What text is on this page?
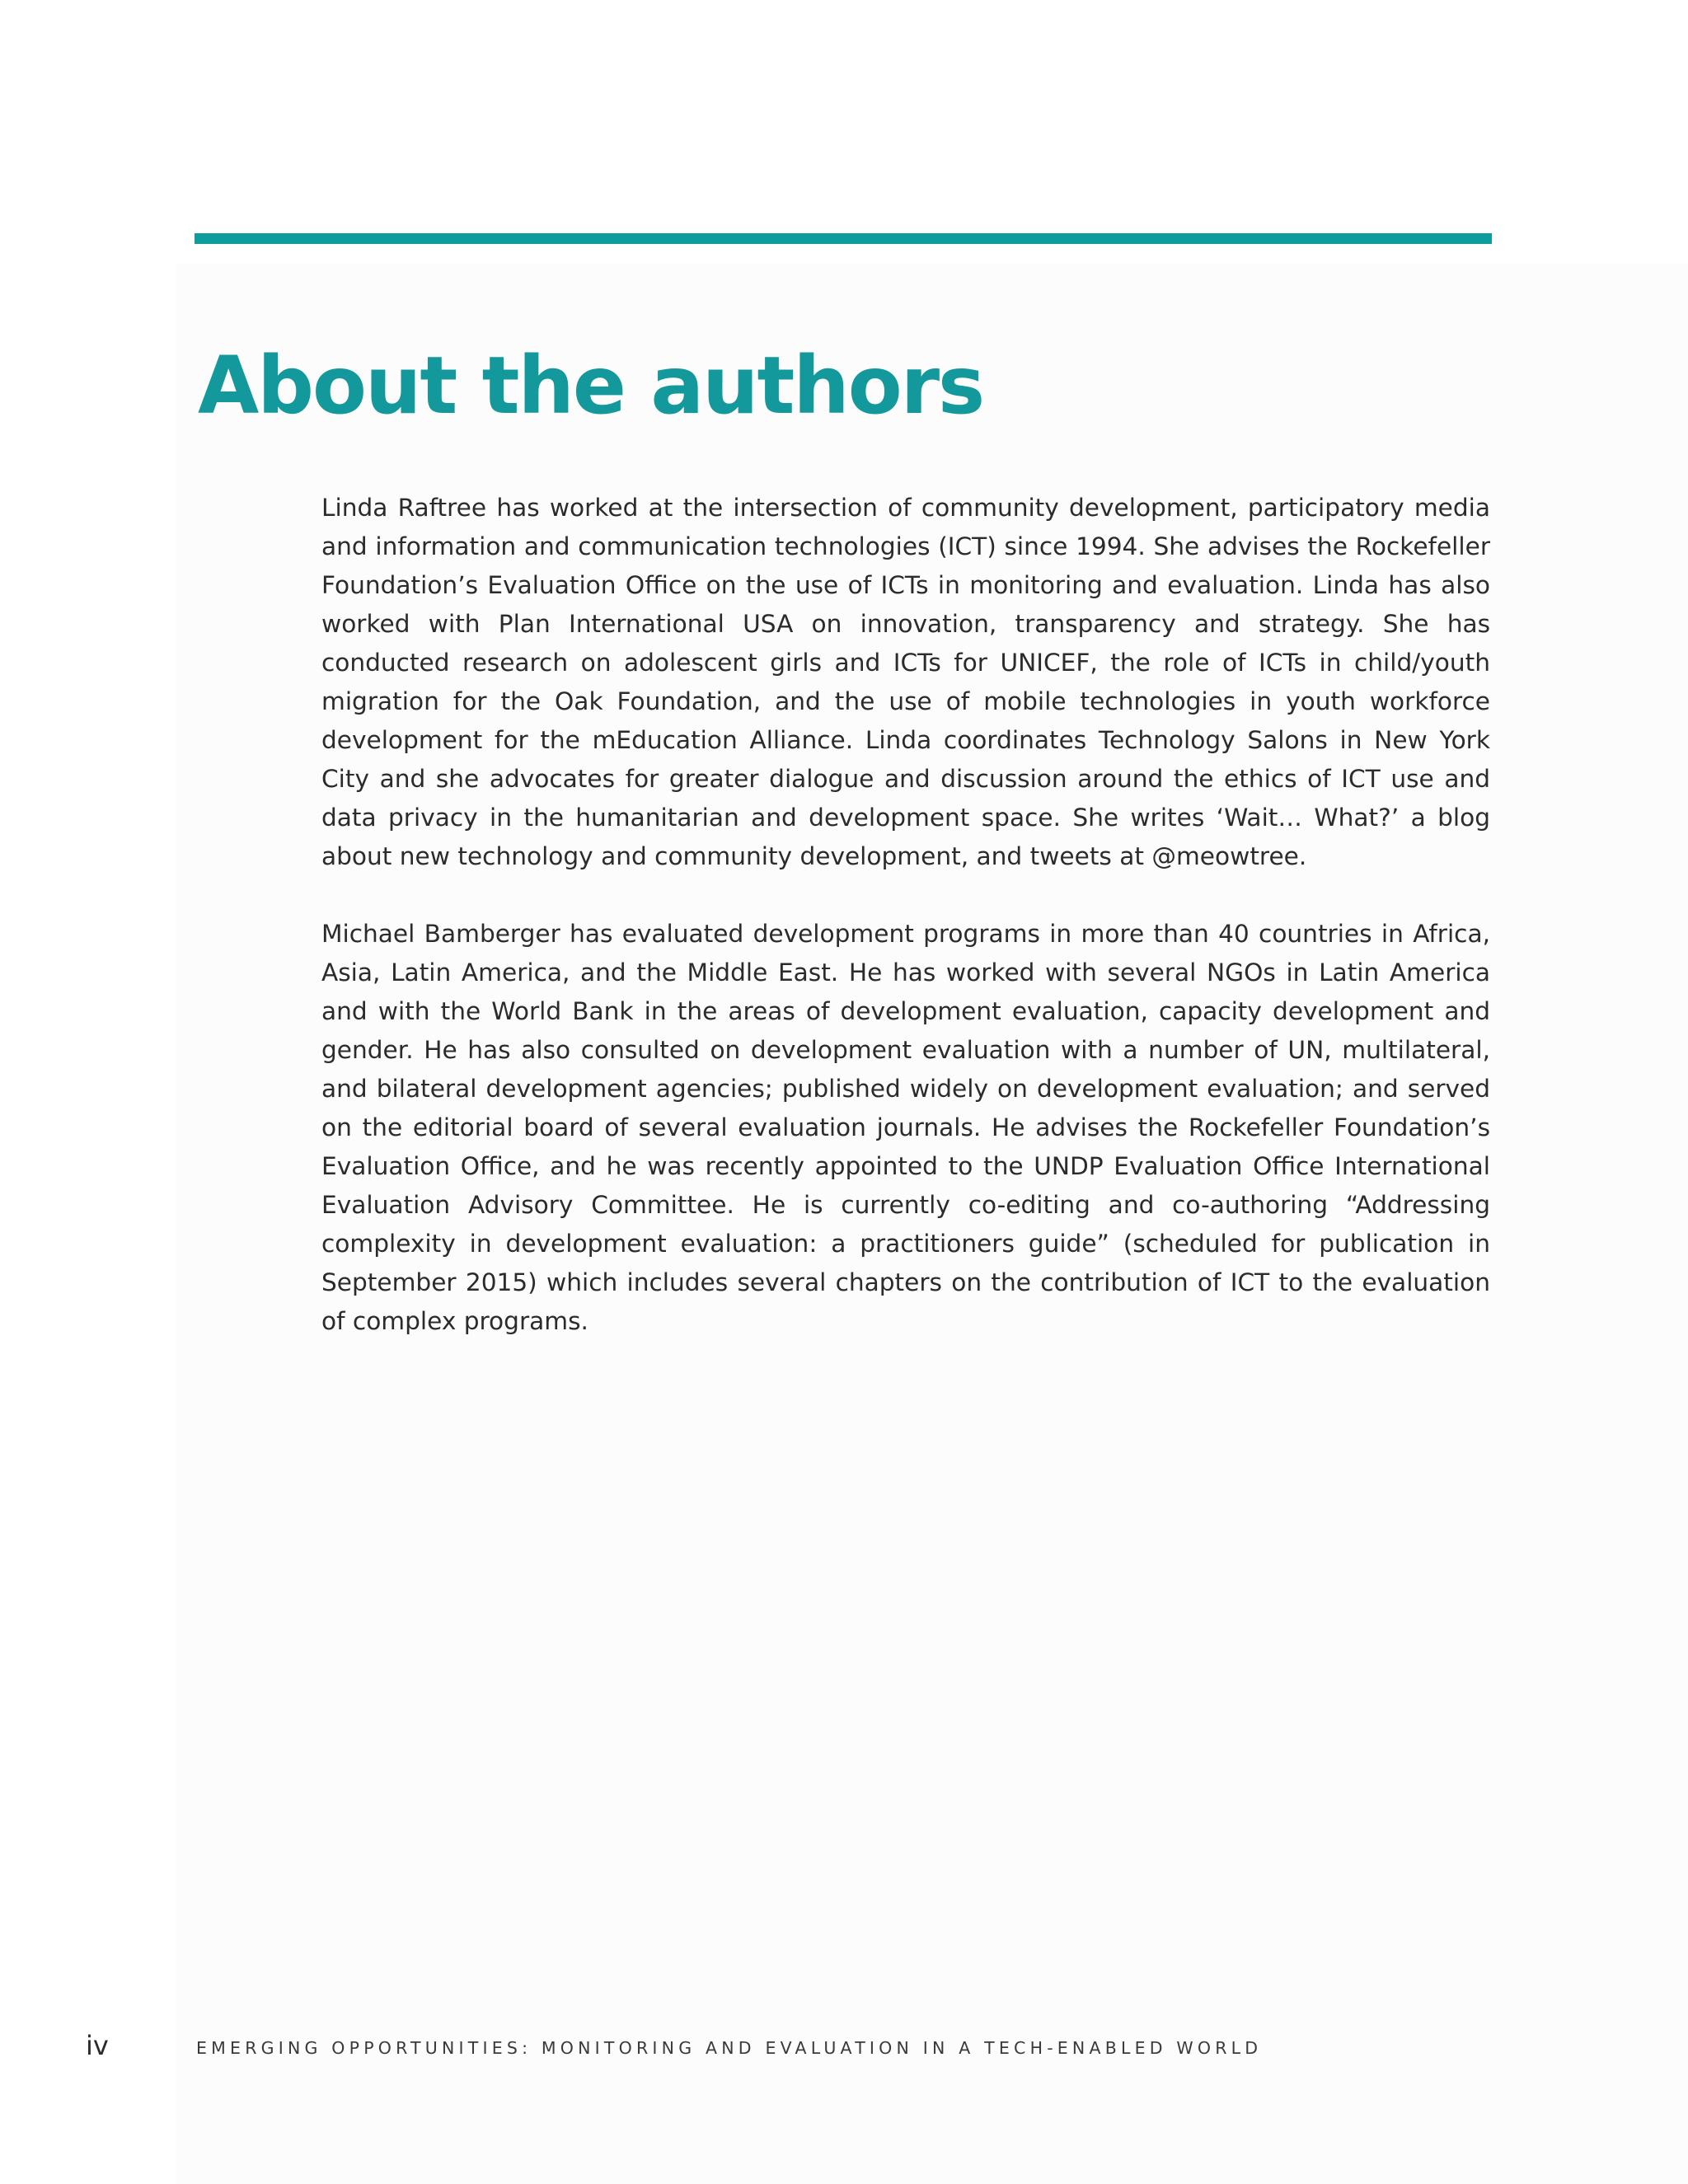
About the authors

Linda Raftree has worked at the intersection of community development, participatory media and information and communication technologies (ICT) since 1994. She advises the Rockefeller Foundation’s Evaluation Office on the use of ICTs in monitoring and evaluation. Linda has also worked with Plan International USA on innovation, transparency and strategy. She has conducted research on adolescent girls and ICTs for UNICEF, the role of ICTs in child/youth migration for the Oak Foundation, and the use of mobile technologies in youth workforce development for the mEducation Alliance. Linda coordinates Technology Salons in New York City and she advocates for greater dialogue and discussion around the ethics of ICT use and data privacy in the humanitarian and development space. She writes ‘Wait… What?’ a blog about new technology and community development, and tweets at @meowtree.

Michael Bamberger has evaluated development programs in more than 40 countries in Africa, Asia, Latin America, and the Middle East. He has worked with several NGOs in Latin America and with the World Bank in the areas of development evaluation, capacity development and gender. He has also consulted on development evaluation with a number of UN, multilateral, and bilateral development agencies; published widely on development evaluation; and served on the editorial board of several evaluation journals. He advises the Rockefeller Foundation’s Evaluation Office, and he was recently appointed to the UNDP Evaluation Office International Evaluation Advisory Committee. He is currently co-editing and co-authoring “Addressing complexity in development evaluation: a practitioners guide” (scheduled for publication in September 2015) which includes several chapters on the contribution of ICT to the evaluation of complex programs.

iv	EMERGING OPPORTUNITIES: MONITORING AND EVALUATION IN A TECH-ENABLED WORLD
